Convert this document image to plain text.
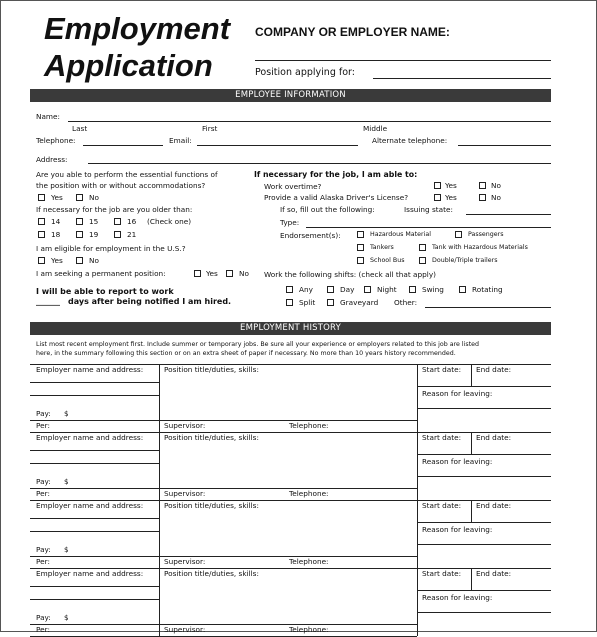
Employment
Application
COMPANY OR EMPLOYER NAME:
Position applying for:
EMPLOYEE INFORMATION
Name:
Last	First	Middle
Telephone:	Email:	Alternate telephone:
Address:
Are you able to perform the essential functions of
the position with or without accommodations?
Yes	No
If necessary for the job are you older than:
14	15	16 (Check one)
18	19	21
I am eligible for employment in the U.S.?
Yes	No
I am seeking a permanent position:	Yes	No
I will be able to report to work
______ days after being notified I am hired.
If necessary for the job, I am able to:
Work overtime?	Yes	No
Provide a valid Alaska Driver's License?	Yes	No
If so, fill out the following:	Issuing state:
Type:
Endorsement(s):	Hazardous Material	Passengers
Tankers	Tank with Hazardous Materials
School Bus	Double/Triple trailers
Work the following shifts: (check all that apply)
Any	Day	Night	Swing	Rotating
Split	Graveyard Other:
EMPLOYMENT HISTORY
List most recent employment first. Include summer or temporary jobs. Be sure all your experience or employers related to this job are listed
here, in the summary following this section or on an extra sheet of paper if necessary. No more than 10 years history recommended.
Employer name and address:	Position title/duties, skills:	Start date: End date:
Reason for leaving:
Pay: $
Per:	Supervisor:	Telephone:
Employer name and address:	Position title/duties, skills:	Start date: End date:
Reason for leaving:
Pay: $
Per:	Supervisor:	Telephone:
Employer name and address:	Position title/duties, skills:	Start date: End date:
Reason for leaving:
Pay: $
Per:	Supervisor:	Telephone:
Employer name and address:	Position title/duties, skills:	Start date: End date:
Reason for leaving:
Pay: $
Per:	Supervisor:	Telephone:
